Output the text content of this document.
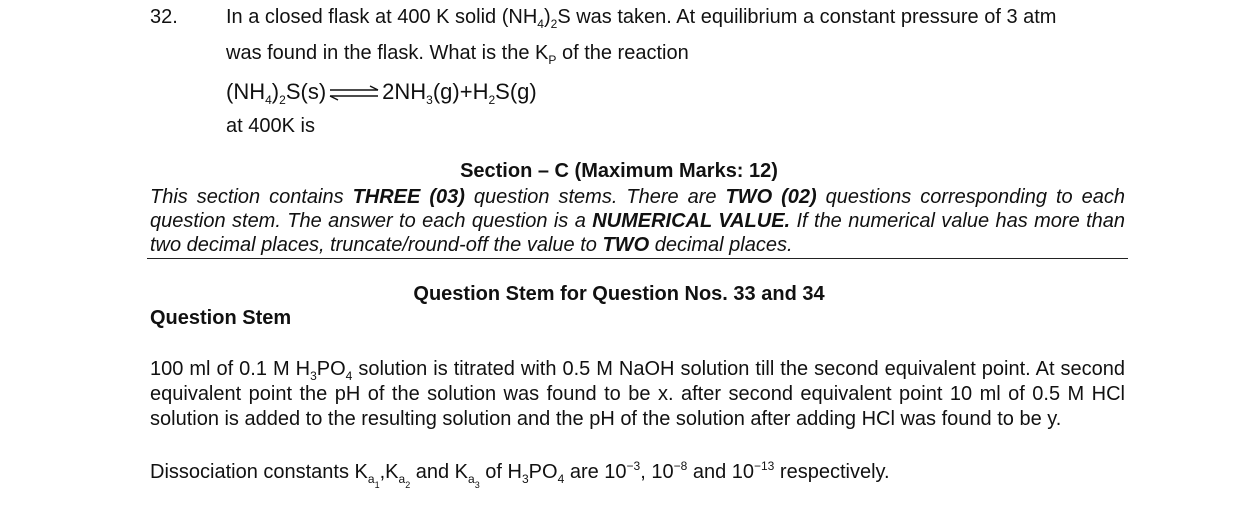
32. In a closed flask at 400 K solid $(NH_4)_2S$ was taken. At equilibrium a constant pressure of 3 atm
was found in the flask. What is the $K_P$ of the reaction
$(NH_4)_2S(s)$ ⇌ $2NH_3(g)+H_2S(g)$
at 400K is
Section – C (Maximum Marks: 12)
This section contains THREE (03) question stems. There are TWO (02) questions corresponding to each question stem. The answer to each question is a NUMERICAL VALUE. If the numerical value has more than two decimal places, truncate/round-off the value to TWO decimal places.
Question Stem for Question Nos. 33 and 34
Question Stem
100 ml of 0.1 M $H_3PO_4$ solution is titrated with 0.5 M NaOH solution till the second equivalent point. At second equivalent point the pH of the solution was found to be x. after second equivalent point 10 ml of 0.5 M HCl solution is added to the resulting solution and the pH of the solution after adding HCl was found to be y.
Dissociation constants $K_{a_1},K_{a_2}$ and $K_{a_3}$ of $H_3PO_4$ are $10^{-3}$, $10^{-8}$ and $10^{-13}$ respectively.
